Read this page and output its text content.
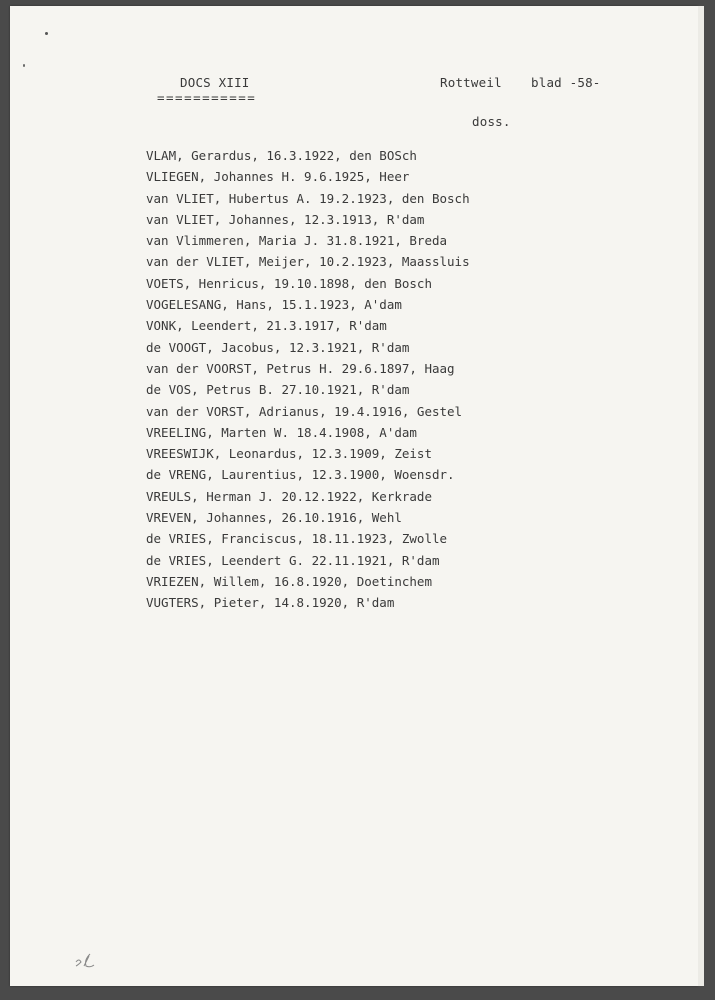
DOCS XIII
===========
Rottweil blad -58-
doss.
VLAM, Gerardus, 16.3.1922, den BOSch
VLIEGEN, Johannes H. 9.6.1925, Heer
van VLIET, Hubertus A. 19.2.1923, den Bosch
van VLIET, Johannes, 12.3.1913, R'dam
van Vlimmeren, Maria J. 31.8.1921, Breda
van der VLIET, Meijer, 10.2.1923, Maassluis
VOETS, Henricus, 19.10.1898, den Bosch
VOGELESANG, Hans, 15.1.1923, A'dam
VONK, Leendert, 21.3.1917, R'dam
de VOOGT, Jacobus, 12.3.1921, R'dam
van der VOORST, Petrus H. 29.6.1897, Haag
de VOS, Petrus B. 27.10.1921, R'dam
van der VORST, Adrianus, 19.4.1916, Gestel
VREELING, Marten W. 18.4.1908, A'dam
VREESWIJK, Leonardus, 12.3.1909, Zeist
de VRENG, Laurentius, 12.3.1900, Woensdr.
VREULS, Herman J. 20.12.1922, Kerkrade
VREVEN, Johannes, 26.10.1916, Wehl
de VRIES, Franciscus, 18.11.1923, Zwolle
de VRIES, Leendert G. 22.11.1921, R'dam
VRIEZEN, Willem, 16.8.1920, Doetinchem
VUGTERS, Pieter, 14.8.1920, R'dam
